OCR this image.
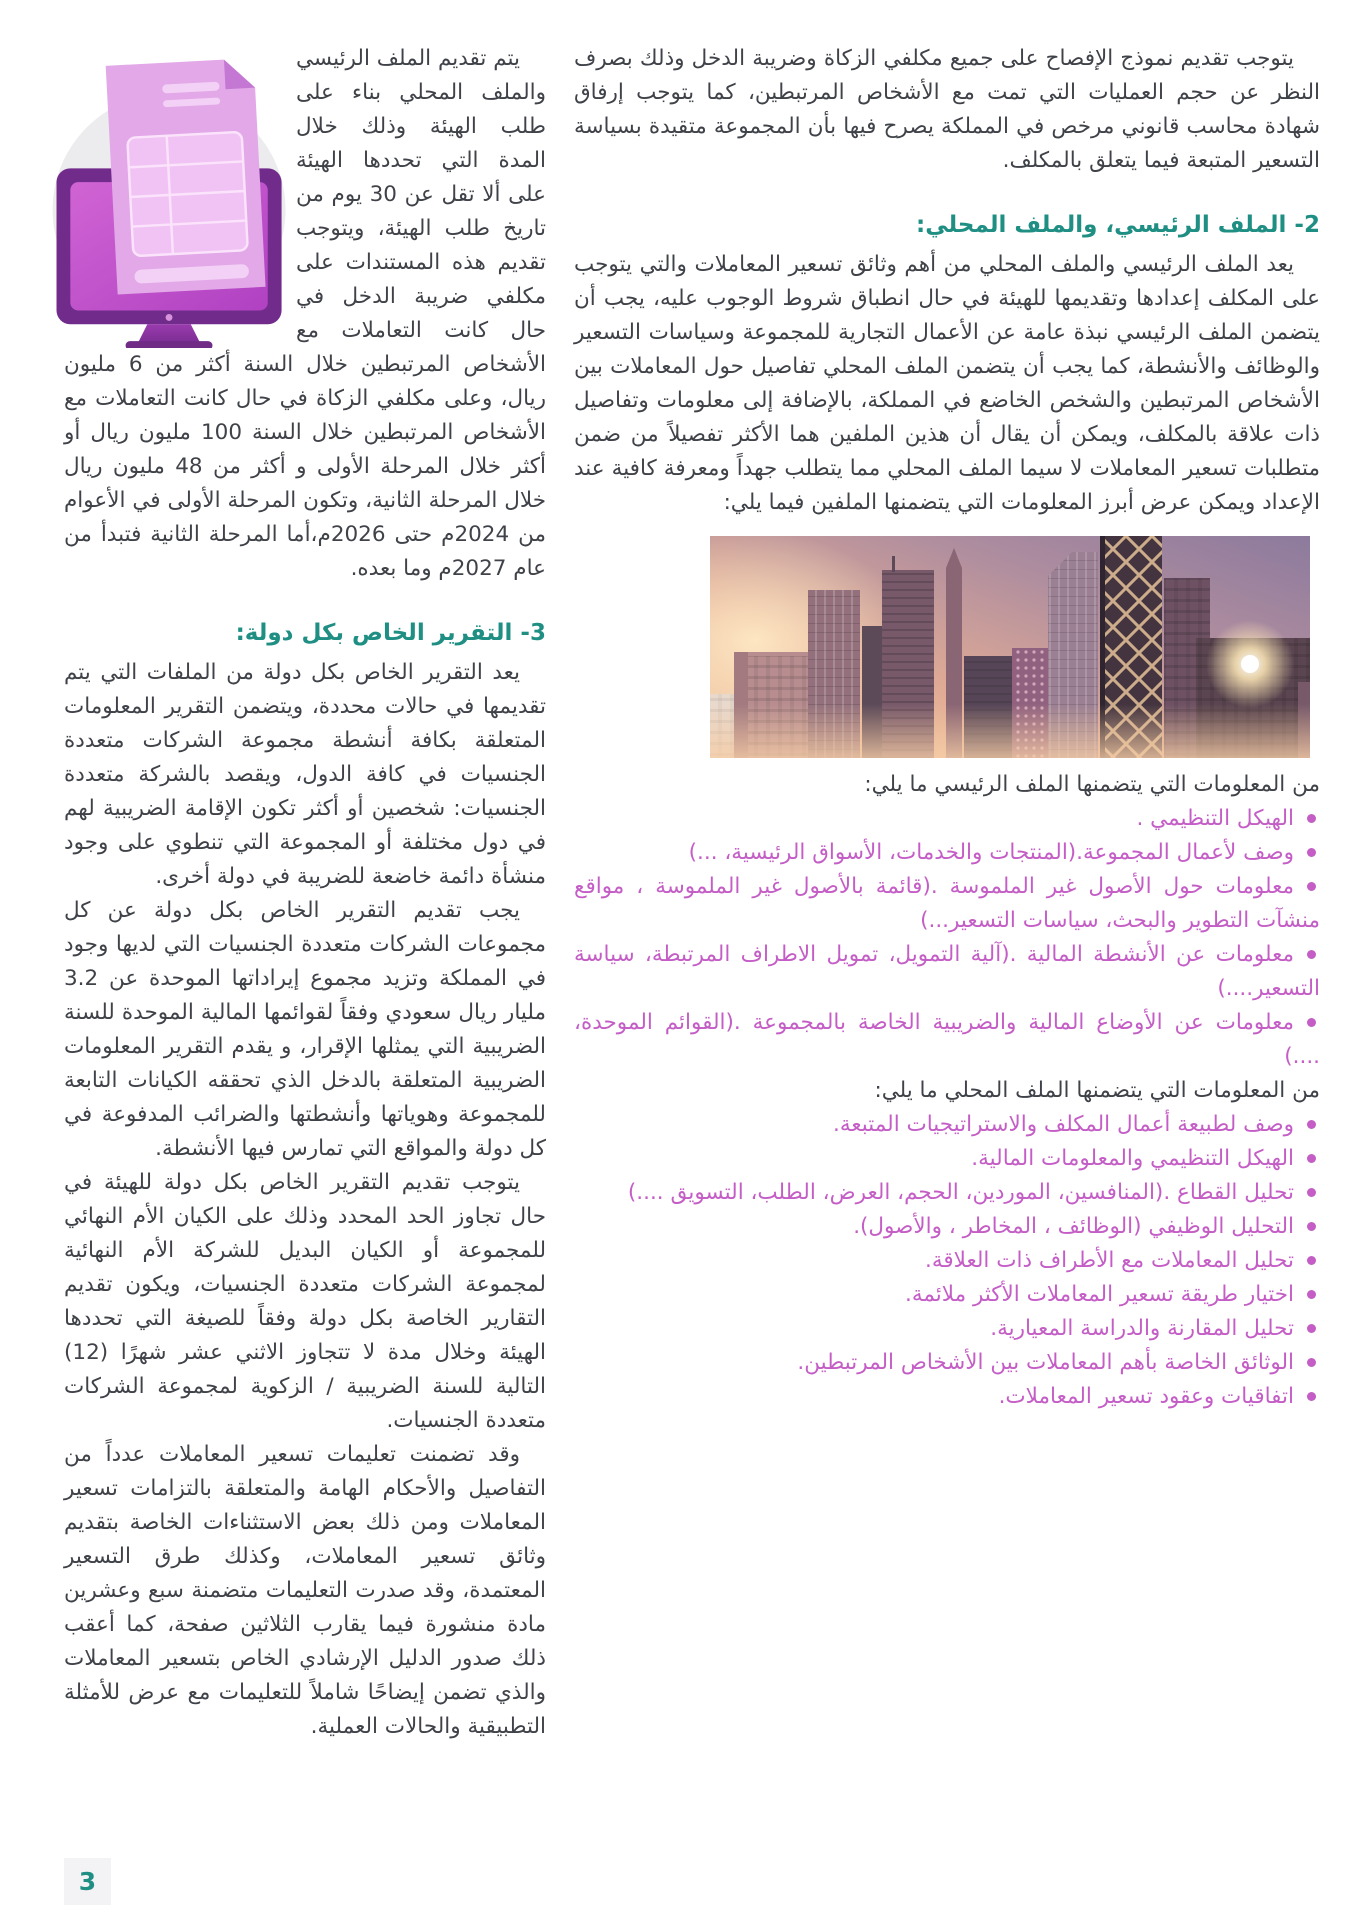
يتوجب تقديم نموذج الإفصاح على جميع مكلفي الزكاة وضريبة الدخل وذلك بصرف النظر عن حجم العمليات التي تمت مع الأشخاص المرتبطين، كما يتوجب إرفاق شهادة محاسب قانوني مرخص في المملكة يصرح فيها بأن المجموعة متقيدة بسياسة التسعير المتبعة فيما يتعلق بالمكلف.

2- الملف الرئيسي، والملف المحلي:

يعد الملف الرئيسي والملف المحلي من أهم وثائق تسعير المعاملات والتي يتوجب على المكلف إعدادها وتقديمها للهيئة في حال انطباق شروط الوجوب عليه، يجب أن يتضمن الملف الرئيسي نبذة عامة عن الأعمال التجارية للمجموعة وسياسات التسعير والوظائف والأنشطة، كما يجب أن يتضمن الملف المحلي تفاصيل حول المعاملات بين الأشخاص المرتبطين والشخص الخاضع في المملكة، بالإضافة إلى معلومات وتفاصيل ذات علاقة بالمكلف، ويمكن أن يقال أن هذين الملفين هما الأكثر تفصيلاً من ضمن متطلبات تسعير المعاملات لا سيما الملف المحلي مما يتطلب جهداً ومعرفة كافية عند الإعداد ويمكن عرض أبرز المعلومات التي يتضمنها الملفين فيما يلي:

من المعلومات التي يتضمنها الملف الرئيسي ما يلي:

الهيكل التنظيمي .
وصف لأعمال المجموعة.(المنتجات والخدمات، الأسواق الرئيسية، ...)
معلومات حول الأصول غير الملموسة .(قائمة بالأصول غير الملموسة ، مواقع منشآت التطوير والبحث، سياسات التسعير...)
معلومات عن الأنشطة المالية .(آلية التمويل، تمويل الاطراف المرتبطة، سياسة التسعير....)
معلومات عن الأوضاع المالية والضريبية الخاصة بالمجموعة .(القوائم الموحدة، ....)

من المعلومات التي يتضمنها الملف المحلي ما يلي:

وصف لطبيعة أعمال المكلف والاستراتيجيات المتبعة.
الهيكل التنظيمي والمعلومات المالية.
تحليل القطاع .(المنافسين، الموردين، الحجم، العرض، الطلب، التسويق ....)
التحليل الوظيفي (الوظائف ، المخاطر ، والأصول).
تحليل المعاملات مع الأطراف ذات العلاقة.
اختيار طريقة تسعير المعاملات الأكثر ملائمة.
تحليل المقارنة والدراسة المعيارية.
الوثائق الخاصة بأهم المعاملات بين الأشخاص المرتبطين.
اتفاقيات وعقود تسعير المعاملات.

يتم تقديم الملف الرئيسي والملف المحلي بناء على طلب الهيئة وذلك خلال المدة التي تحددها الهيئة على ألا تقل عن 30 يوم من تاريخ طلب الهيئة، ويتوجب تقديم هذه المستندات على مكلفي ضريبة الدخل في حال كانت التعاملات مع الأشخاص المرتبطين خلال السنة أكثر من 6 مليون ريال، وعلى مكلفي الزكاة في حال كانت التعاملات مع الأشخاص المرتبطين خلال السنة 100 مليون ريال أو أكثر خلال المرحلة الأولى و أكثر من 48 مليون ريال خلال المرحلة الثانية، وتكون المرحلة الأولى في الأعوام من 2024م حتى 2026م،أما المرحلة الثانية فتبدأ من عام 2027م وما بعده.

3- التقرير الخاص بكل دولة:

يعد التقرير الخاص بكل دولة من الملفات التي يتم تقديمها في حالات محددة، ويتضمن التقرير المعلومات المتعلقة بكافة أنشطة مجموعة الشركات متعددة الجنسيات في كافة الدول، ويقصد بالشركة متعددة الجنسيات: شخصين أو أكثر تكون الإقامة الضريبية لهم في دول مختلفة أو المجموعة التي تنطوي على وجود منشأة دائمة خاضعة للضريبة في دولة أخرى.

يجب تقديم التقرير الخاص بكل دولة عن كل مجموعات الشركات متعددة الجنسيات التي لديها وجود في المملكة وتزيد مجموع إيراداتها الموحدة عن 3.2 مليار ريال سعودي وفقاً لقوائمها المالية الموحدة للسنة الضريبية التي يمثلها الإقرار، و يقدم التقرير المعلومات الضريبية المتعلقة بالدخل الذي تحققه الكيانات التابعة للمجموعة وهوياتها وأنشطتها والضرائب المدفوعة في كل دولة والمواقع التي تمارس فيها الأنشطة.

يتوجب تقديم التقرير الخاص بكل دولة للهيئة في حال تجاوز الحد المحدد وذلك على الكيان الأم النهائي للمجموعة أو الكيان البديل للشركة الأم النهائية لمجموعة الشركات متعددة الجنسيات، ويكون تقديم التقارير الخاصة بكل دولة وفقاً للصيغة التي تحددها الهيئة وخلال مدة لا تتجاوز الاثني عشر شهرًا (12) التالية للسنة الضريبية / الزكوية لمجموعة الشركات متعددة الجنسيات.

وقد تضمنت تعليمات تسعير المعاملات عدداً من التفاصيل والأحكام الهامة والمتعلقة بالتزامات تسعير المعاملات ومن ذلك بعض الاستثناءات الخاصة بتقديم وثائق تسعير المعاملات، وكذلك طرق التسعير المعتمدة، وقد صدرت التعليمات متضمنة سبع وعشرين مادة منشورة فيما يقارب الثلاثين صفحة، كما أعقب ذلك صدور الدليل الإرشادي الخاص بتسعير المعاملات والذي تضمن إيضاحًا شاملاً للتعليمات مع عرض للأمثلة التطبيقية والحالات العملية.

3
